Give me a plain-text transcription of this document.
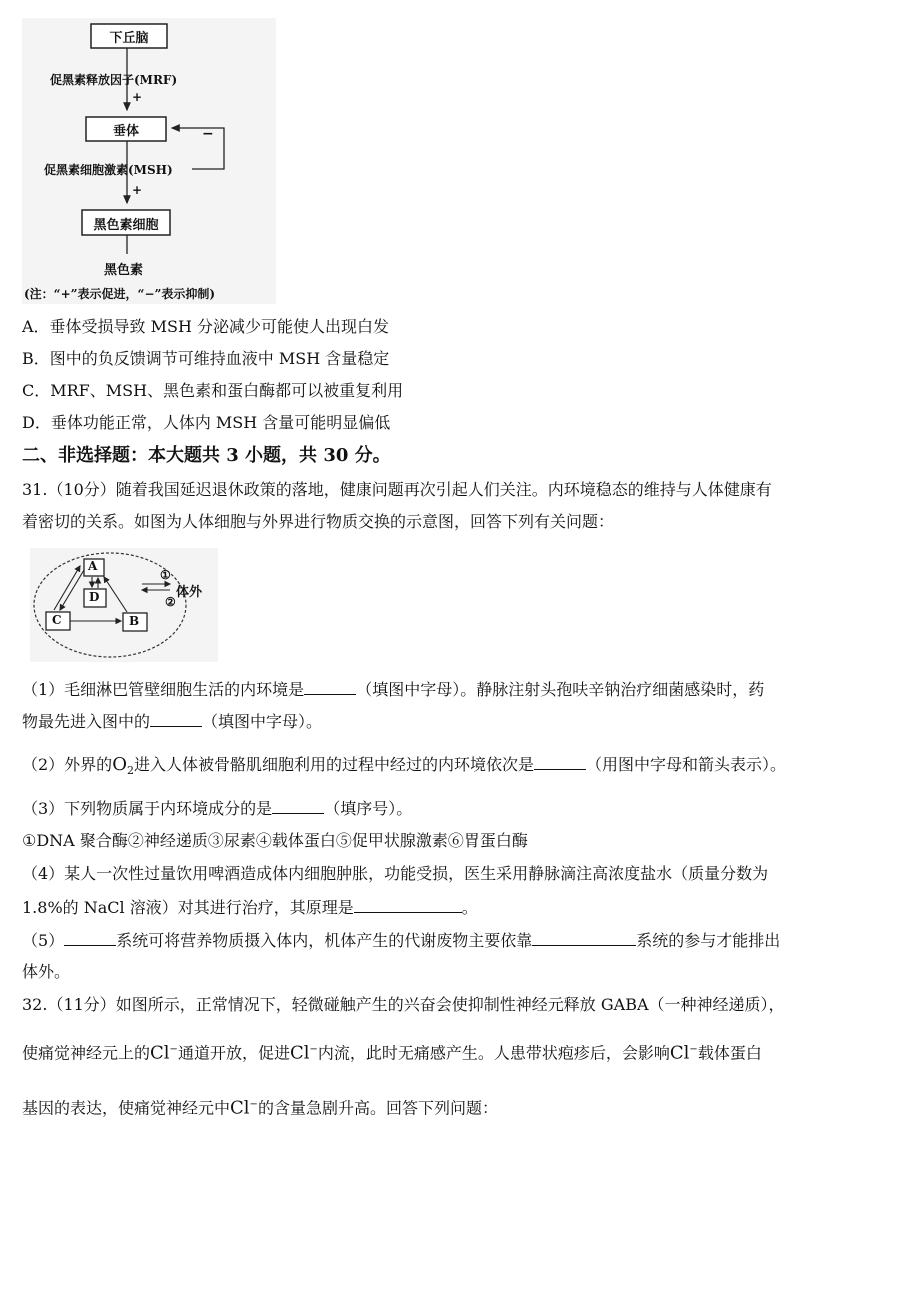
下丘脑
促黑素释放因子(MRF)
+
垂体	−
促黑素细胞激素(MSH)
+
黑色素细胞
黑色素
(注：“+”表示促进，“−”表示抑制)
A．垂体受损导致 MSH 分泌减少可能使人出现白发
B．图中的负反馈调节可维持血液中 MSH 含量稳定
C．MRF、MSH、黑色素和蛋白酶都可以被重复利用
D．垂体功能正常，人体内 MSH 含量可能明显偏低
二、非选择题：本大题共 3 小题，共 30 分。
31.（10分）随着我国延迟退休政策的落地，健康问题再次引起人们关注。内环境稳态的维持与人体健康有
着密切的关系。如图为人体细胞与外界进行物质交换的示意图，回答下列有关问题：
A
D
C	B
①
②
体外
（1）毛细淋巴管壁细胞生活的内环境是	（填图中字母）。静脉注射头孢呋辛钠治疗细菌感染时，药
物最先进入图中的	（填图中字母）。
（2）外界的$O_2$进入人体被骨骼肌细胞利用的过程中经过的内环境依次是	（用图中字母和箭头表示）。
（3）下列物质属于内环境成分的是	（填序号）。
①DNA 聚合酶②神经递质③尿素④载体蛋白⑤促甲状腺激素⑥胃蛋白酶
（4）某人一次性过量饮用啤酒造成体内细胞肿胀，功能受损，医生采用静脉滴注高浓度盐水（质量分数为
1.8%的 NaCl 溶液）对其进行治疗，其原理是	。
（5）	系统可将营养物质摄入体内，机体产生的代谢废物主要依靠	系统的参与才能排出
体外。
32.（11分）如图所示，正常情况下，轻微碰触产生的兴奋会使抑制性神经元释放 GABA（一种神经递质），
使痛觉神经元上的Cl−通道开放，促进Cl−内流，此时无痛感产生。人患带状疱疹后，会影响Cl−载体蛋白
基因的表达，使痛觉神经元中Cl−的含量急剧升高。回答下列问题：
